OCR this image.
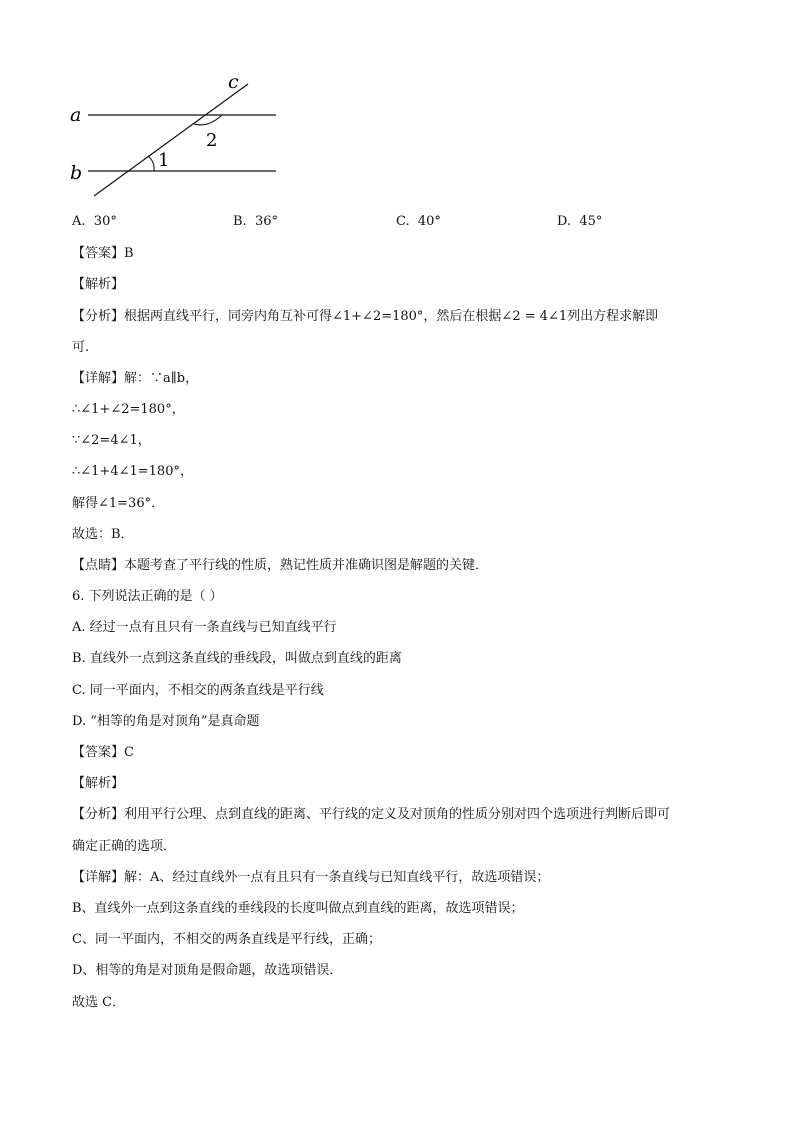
a
b
c
1
2
A. 30°	B. 36°	C. 40°	D. 45°
【答案】B
【解析】
【分析】根据两直线平行，同旁内角互补可得∠1+∠2=180°，然后在根据∠2 = 4∠1列出方程求解即
可.
【详解】解：∵a∥b，
∴∠1+∠2=180°，
∵∠2=4∠1，
∴∠1+4∠1=180°，
解得∠1=36°．
故选：B．
【点睛】本题考查了平行线的性质，熟记性质并准确识图是解题的关键．
6. 下列说法正确的是（ ）
A. 经过一点有且只有一条直线与已知直线平行
B. 直线外一点到这条直线的垂线段，叫做点到直线的距离
C. 同一平面内，不相交的两条直线是平行线
D. “相等的角是对顶角”是真命题
【答案】C
【解析】
【分析】利用平行公理、点到直线的距离、平行线的定义及对顶角的性质分别对四个选项进行判断后即可
确定正确的选项．
【详解】解：A、经过直线外一点有且只有一条直线与已知直线平行，故选项错误；
B、直线外一点到这条直线的垂线段的长度叫做点到直线的距离，故选项错误；
C、同一平面内，不相交的两条直线是平行线，正确；
D、相等的角是对顶角是假命题，故选项错误．
故选 C．
